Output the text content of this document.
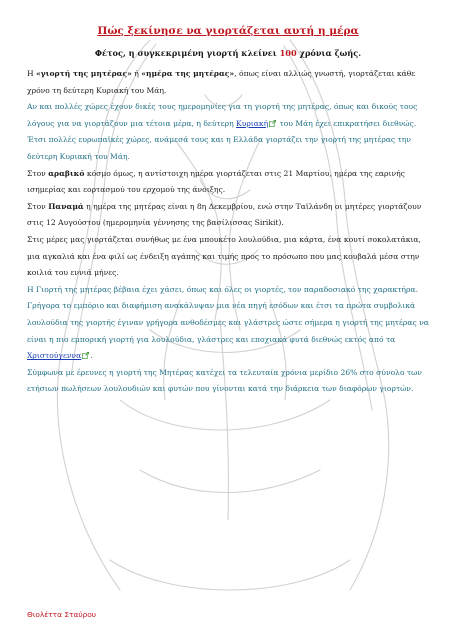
Πώς ξεκίνησε να γιορτάζεται αυτή η μέρα
Φέτος, η συγκεκριμένη γιορτή κλείνει 100 χρόνια ζωής.

Η «γιορτή της μητέρας» ή «ημέρα της μητέρας», όπως είναι αλλιώς γνωστή, γιορτάζεται κάθε χρόνο τη δεύτερη Κυριακή του Μάη.

Αν και πολλές χώρες έχουν δικές τους ημερομηνίες για τη γιορτή της μητέρας, όπως και δικούς τους λόγους για να γιορτάζουν μια τέτοια μέρα, η δεύτερη Κυριακή του Μάη έχει επικρατήσει διεθνώς.

Έτσι πολλές ευρωπαϊκές χώρες, ανάμεσά τους και η Ελλάδα γιορτάζει την γιορτή της μητέρας την δεύτερη Κυριακή του Μάη.

Στον αραβικό κόσμο όμως, η αντίστοιχη ημέρα γιορτάζεται στις 21 Μαρτίου, ημέρα της εαρινής ισημερίας και εορτασμού του ερχομού της άνοιξης.

Στον Παναμά η ημέρα της μητέρας είναι η 8η Δεκεμβρίου, ενώ στην Ταϊλάνδη οι μητέρες γιορτάζουν στις 12 Αυγούστου (ημερομηνία γέννησης της βασίλισσας Sirikit).

Στις μέρες μας γιορτάζεται συνήθως με ένα μπουκέτο λουλούδια, μια κάρτα, ένα κουτί σοκολατάκια, μια αγκαλιά και ένα φιλί ως ένδειξη αγάπης και τιμής προς το πρόσωπο που μας κουβαλά μέσα στην κοιλιά του εννιά μήνες.

Η Γιορτή της μητέρας βέβαια έχει χάσει, όπως και όλες οι γιορτές, τον παραδοσιακό της χαρακτήρα.

Γρήγορα το εμπόριο και διαφήμιση ανακάλυψαν μια νέα πηγή εσόδων και έτσι τα πρώτα συμβολικά λουλούδια της γιορτής έγιναν γρήγορα ανθοδέσμες και γλάστρες ώστε σήμερα η γιορτή της μητέρας να είναι η πιο εμπορική γιορτή για λουλούδια, γλάστρες και εποχιακά φυτά διεθνώς εκτός από τα Χριστούγεννα .

Σύμφωνα με έρευνες η γιορτή της Μητέρας κατέχει τα τελευταία χρόνια μερίδιο 26% στο σύνολο των ετήσιων πωλήσεων λουλουδιών και φυτών που γίνονται κατά την διάρκεια των διαφόρων γιορτών.

Θιολέττα Σταύρου
